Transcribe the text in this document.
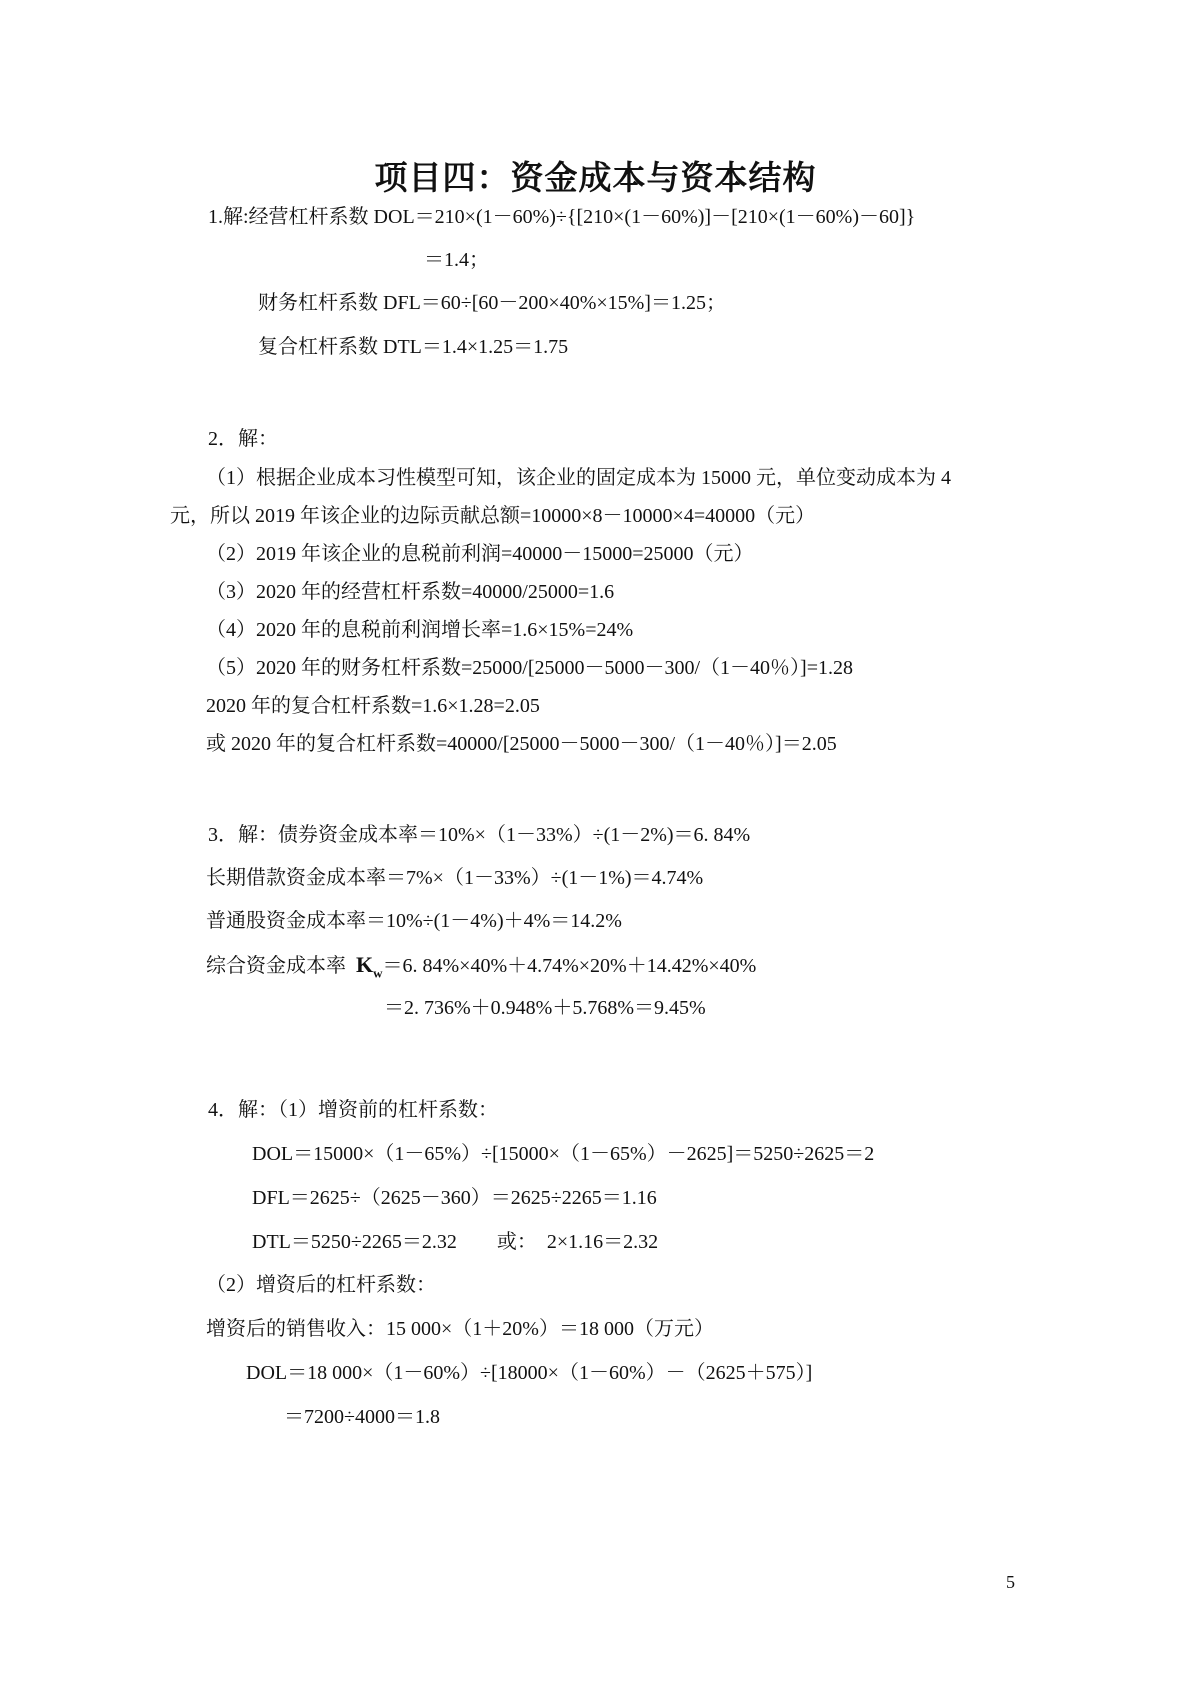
项目四：资金成本与资本结构
1.解:经营杠杆系数 DOL＝210×(1－60%)÷{[210×(1－60%)]－[210×(1－60%)－60]}
＝1.4；
财务杠杆系数 DFL＝60÷[60－200×40%×15%]＝1.25；
复合杠杆系数 DTL＝1.4×1.25＝1.75
2．解：
（1）根据企业成本习性模型可知，该企业的固定成本为 15000 元，单位变动成本为 4
元，所以 2019 年该企业的边际贡献总额=10000×8－10000×4=40000（元）
（2）2019 年该企业的息税前利润=40000－15000=25000（元）
（3）2020 年的经营杠杆系数=40000/25000=1.6
（4）2020 年的息税前利润增长率=1.6×15%=24%
（5）2020 年的财务杠杆系数=25000/[25000－5000－300/（1－40％）]=1.28
2020 年的复合杠杆系数=1.6×1.28=2.05
或 2020 年的复合杠杆系数=40000/[25000－5000－300/（1－40％）]＝2.05
3．解：债券资金成本率＝10%×（1－33%）÷(1－2%)＝6. 84%
长期借款资金成本率＝7%×（1－33%）÷(1－1%)＝4.74%
普通股资金成本率＝10%÷(1－4%)＋4%＝14.2%
综合资金成本率  $K_w=6$. 84%×40%＋4.74%×20%＋14.42%×40%
＝2. 736%＋0.948%＋5.768%＝9.45%
4．解：（1）增资前的杠杆系数：
DOL＝15000×（1－65%）÷[15000×（1－65%）－2625]＝5250÷2625＝2
DFL＝2625÷（2625－360）＝2625÷2265＝1.16
DTL＝5250÷2265＝2.32　　或：　2×1.16＝2.32
（2）增资后的杠杆系数：
增资后的销售收入：15 000×（1＋20%）＝18 000（万元）
DOL＝18 000×（1－60%）÷[18000×（1－60%）－（2625＋575）]
＝7200÷4000＝1.8
5
